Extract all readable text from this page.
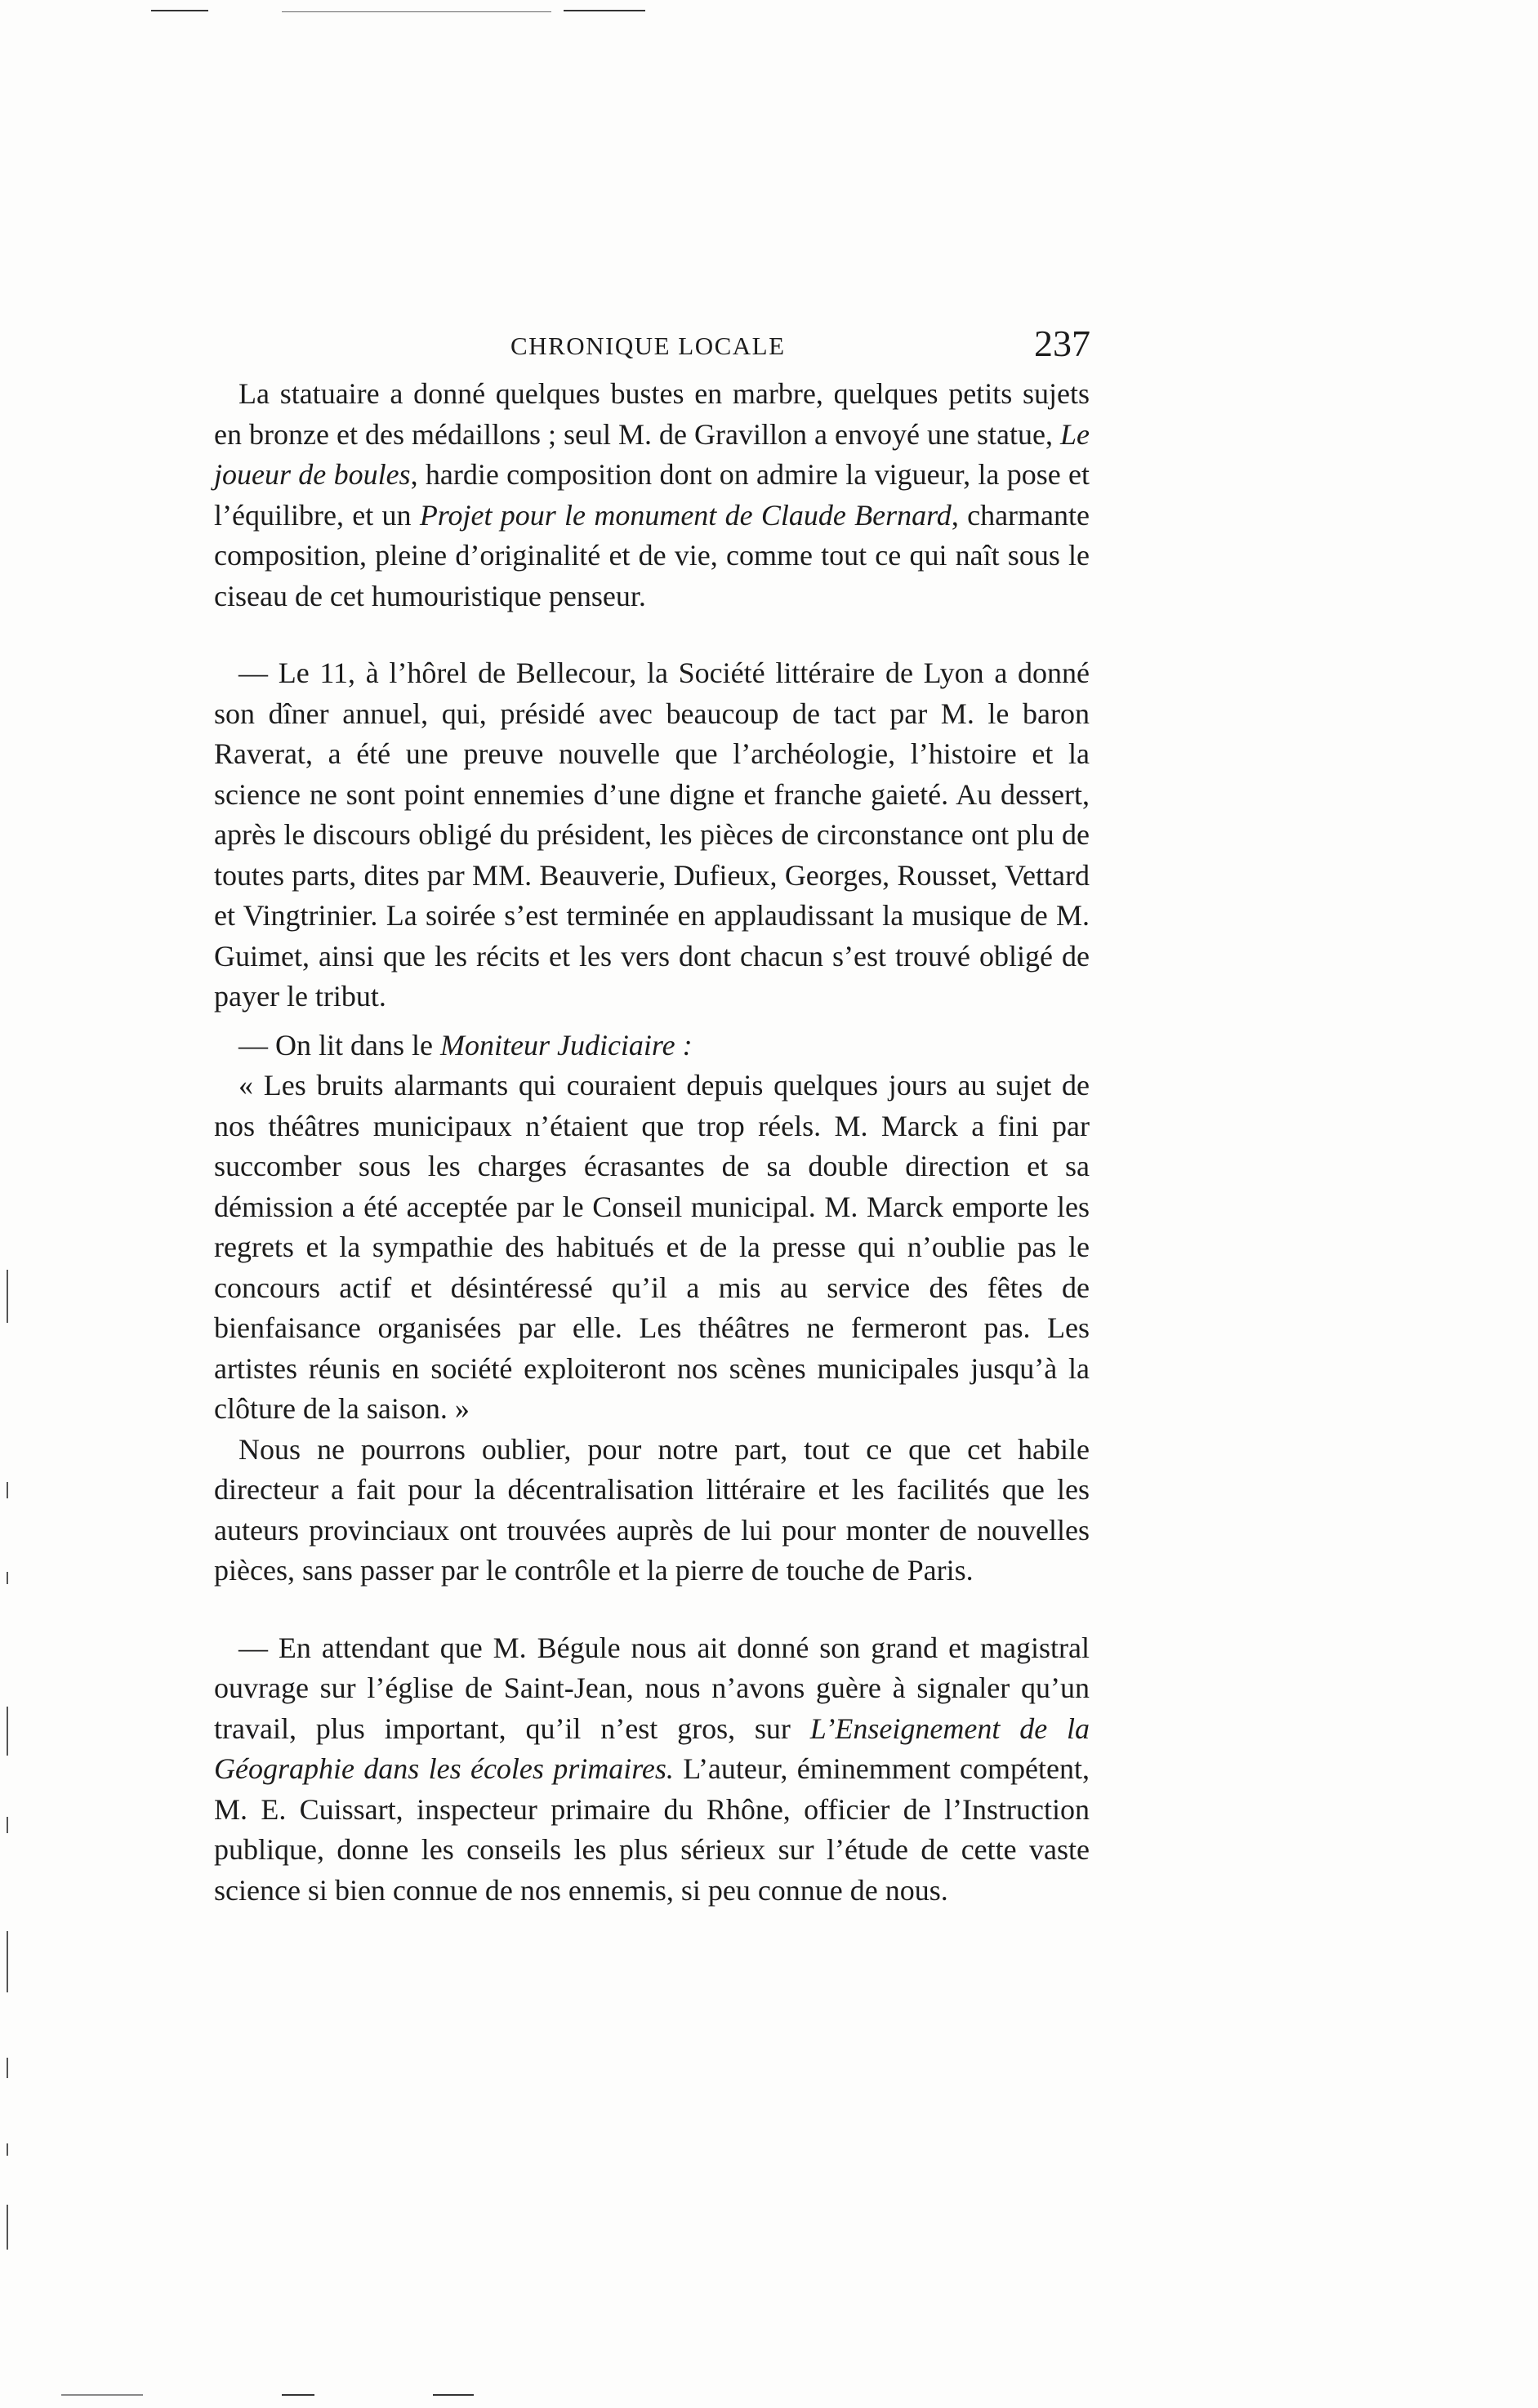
CHRONIQUE LOCALE	237

La statuaire a donné quelques bustes en marbre, quelques petits sujets en bronze et des médaillons ; seul M. de Gravillon a envoyé une statue, Le joueur de boules, hardie composition dont on admire la vigueur, la pose et l’équilibre, et un Projet pour le monument de Claude Bernard, charmante composition, pleine d’originalité et de vie, comme tout ce qui naît sous le ciseau de cet humouristique penseur.

— Le 11, à l’hôrel de Bellecour, la Société littéraire de Lyon a donné son dîner annuel, qui, présidé avec beaucoup de tact par M. le baron Raverat, a été une preuve nouvelle que l’archéologie, l’histoire et la science ne sont point ennemies d’une digne et franche gaieté. Au dessert, après le discours obligé du président, les pièces de circonstance ont plu de toutes parts, dites par MM. Beauverie, Dufieux, Georges, Rousset, Vettard et Vingtrinier. La soirée s’est terminée en applaudissant la musique de M. Guimet, ainsi que les récits et les vers dont chacun s’est trouvé obligé de payer le tribut.

— On lit dans le Moniteur Judiciaire :

« Les bruits alarmants qui couraient depuis quelques jours au sujet de nos théâtres municipaux n’étaient que trop réels. M. Marck a fini par succomber sous les charges écrasantes de sa double direction et sa démission a été acceptée par le Conseil municipal. M. Marck emporte les regrets et la sympathie des habitués et de la presse qui n’oublie pas le concours actif et désintéressé qu’il a mis au service des fêtes de bienfaisance organisées par elle. Les théâtres ne fermeront pas. Les artistes réunis en société exploiteront nos scènes municipales jusqu’à la clôture de la saison. »

Nous ne pourrons oublier, pour notre part, tout ce que cet habile directeur a fait pour la décentralisation littéraire et les facilités que les auteurs provinciaux ont trouvées auprès de lui pour monter de nouvelles pièces, sans passer par le contrôle et la pierre de touche de Paris.

— En attendant que M. Bégule nous ait donné son grand et magistral ouvrage sur l’église de Saint-Jean, nous n’avons guère à signaler qu’un travail, plus important, qu’il n’est gros, sur L’Enseignement de la Géographie dans les écoles primaires. L’auteur, éminemment compétent, M. E. Cuissart, inspecteur primaire du Rhône, officier de l’Instruction publique, donne les conseils les plus sérieux sur l’étude de cette vaste science si bien connue de nos ennemis, si peu connue de nous.
